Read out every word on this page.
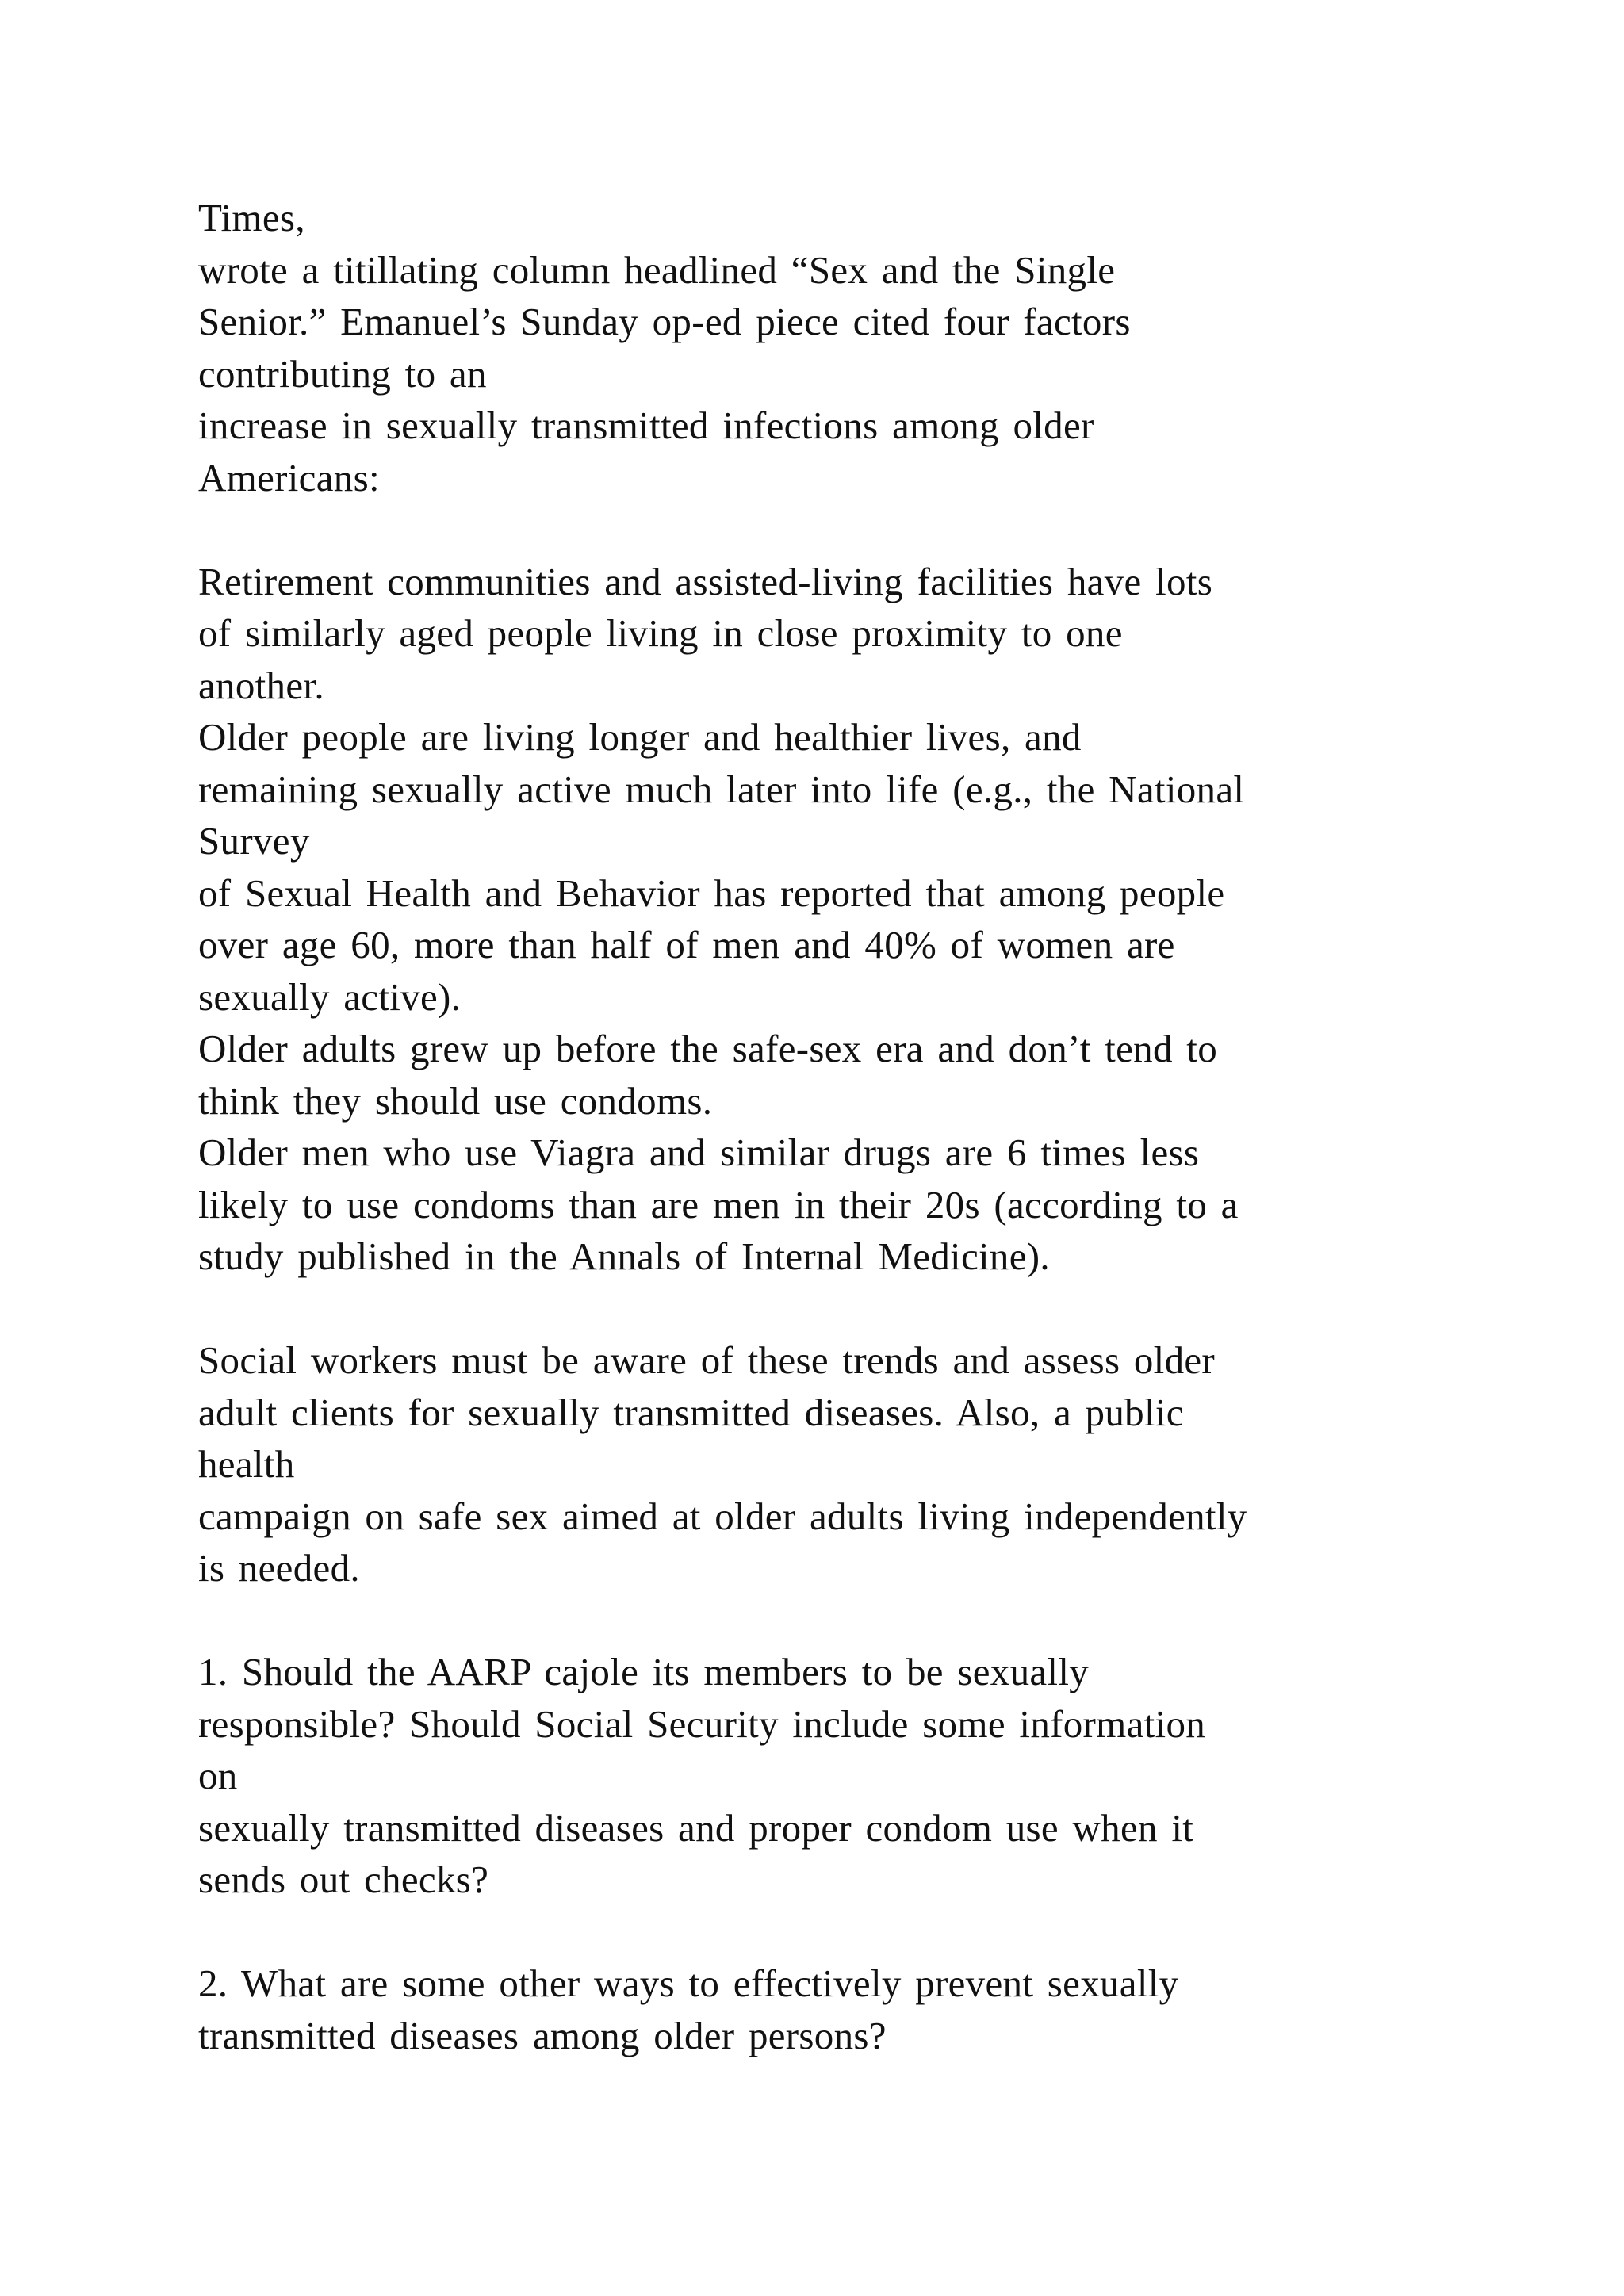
Times,
wrote a titillating column headlined “Sex and the Single
Senior.” Emanuel’s Sunday op-ed piece cited four factors
contributing to an
increase in sexually transmitted infections among older
Americans:
Retirement communities and assisted-living facilities have lots
of similarly aged people living in close proximity to one
another.
Older people are living longer and healthier lives, and
remaining sexually active much later into life (e.g., the National
Survey
of Sexual Health and Behavior has reported that among people
over age 60, more than half of men and 40% of women are
sexually active).
Older adults grew up before the safe-sex era and don’t tend to
think they should use condoms.
Older men who use Viagra and similar drugs are 6 times less
likely to use condoms than are men in their 20s (according to a
study published in the Annals of Internal Medicine).
Social workers must be aware of these trends and assess older
adult clients for sexually transmitted diseases. Also, a public
health
campaign on safe sex aimed at older adults living independently
is needed.
1. Should the AARP cajole its members to be sexually
responsible? Should Social Security include some information
on
sexually transmitted diseases and proper condom use when it
sends out checks?
2. What are some other ways to effectively prevent sexually
transmitted diseases among older persons?
